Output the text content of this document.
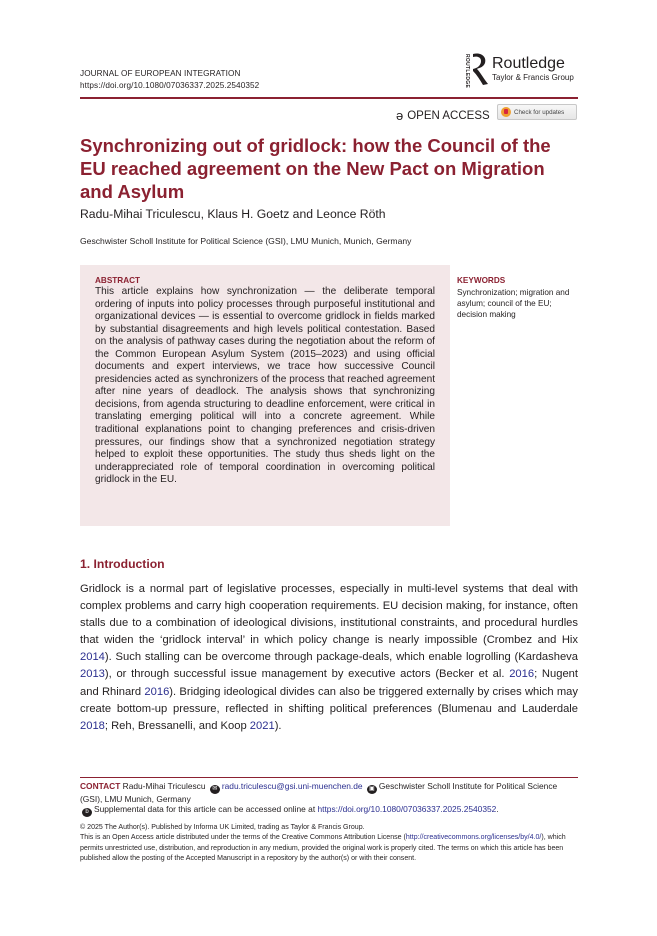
JOURNAL OF EUROPEAN INTEGRATION
https://doi.org/10.1080/07036337.2025.2540352	ROUTLEDGE Routledge
Taylor & Francis Group
ə OPEN ACCESS	Check for updates
Synchronizing out of gridlock: how the Council of the EU reached agreement on the New Pact on Migration and Asylum
Radu-Mihai Triculescu, Klaus H. Goetz and Leonce Röth
Geschwister Scholl Institute for Political Science (GSI), LMU Munich, Munich, Germany
ABSTRACT
This article explains how synchronization — the deliberate temporal ordering of inputs into policy processes through purposeful institutional and organizational devices — is essential to overcome gridlock in fields marked by substantial disagreements and high levels political contestation. Based on the analysis of pathway cases during the negotiation about the reform of the Common European Asylum System (2015–2023) and using official documents and expert interviews, we trace how successive Council presidencies acted as synchronizers of the process that reached agreement after nine years of deadlock. The analysis shows that synchronizing decisions, from agenda structuring to deadline enforcement, were critical in translating emerging political will into a concrete agreement. While traditional explanations point to changing preferences and crisis-driven pressures, our findings show that a synchronized negotiation strategy helped to exploit these opportunities. The study thus sheds light on the underappreciated role of temporal coordination in overcoming political gridlock in the EU.
KEYWORDS
Synchronization; migration and asylum; council of the EU; decision making
1. Introduction
Gridlock is a normal part of legislative processes, especially in multi-level systems that deal with complex problems and carry high cooperation requirements. EU decision making, for instance, often stalls due to a combination of ideological divisions, institutional constraints, and procedural hurdles that widen the ‘gridlock interval’ in which policy change is nearly impossible (Crombez and Hix 2014). Such stalling can be overcome through package-deals, which enable logrolling (Kardasheva 2013), or through successful issue management by executive actors (Becker et al. 2016; Nugent and Rhinard 2016). Bridging ideological divides can also be triggered externally by crises which may create bottom-up pressure, reflected in shifting political preferences (Blumenau and Lauderdale 2018; Reh, Bressanelli, and Koop 2021).
CONTACT Radu-Mihai Triculescu ✉ radu.triculescu@gsi.uni-muenchen.de ▣ Geschwister Scholl Institute for Political Science (GSI), LMU Munich, Germany
b Supplemental data for this article can be accessed online at https://doi.org/10.1080/07036337.2025.2540352.
© 2025 The Author(s). Published by Informa UK Limited, trading as Taylor & Francis Group.
This is an Open Access article distributed under the terms of the Creative Commons Attribution License (http://creativecommons.org/licenses/by/4.0/), which permits unrestricted use, distribution, and reproduction in any medium, provided the original work is properly cited. The terms on which this article has been published allow the posting of the Accepted Manuscript in a repository by the author(s) or with their consent.
